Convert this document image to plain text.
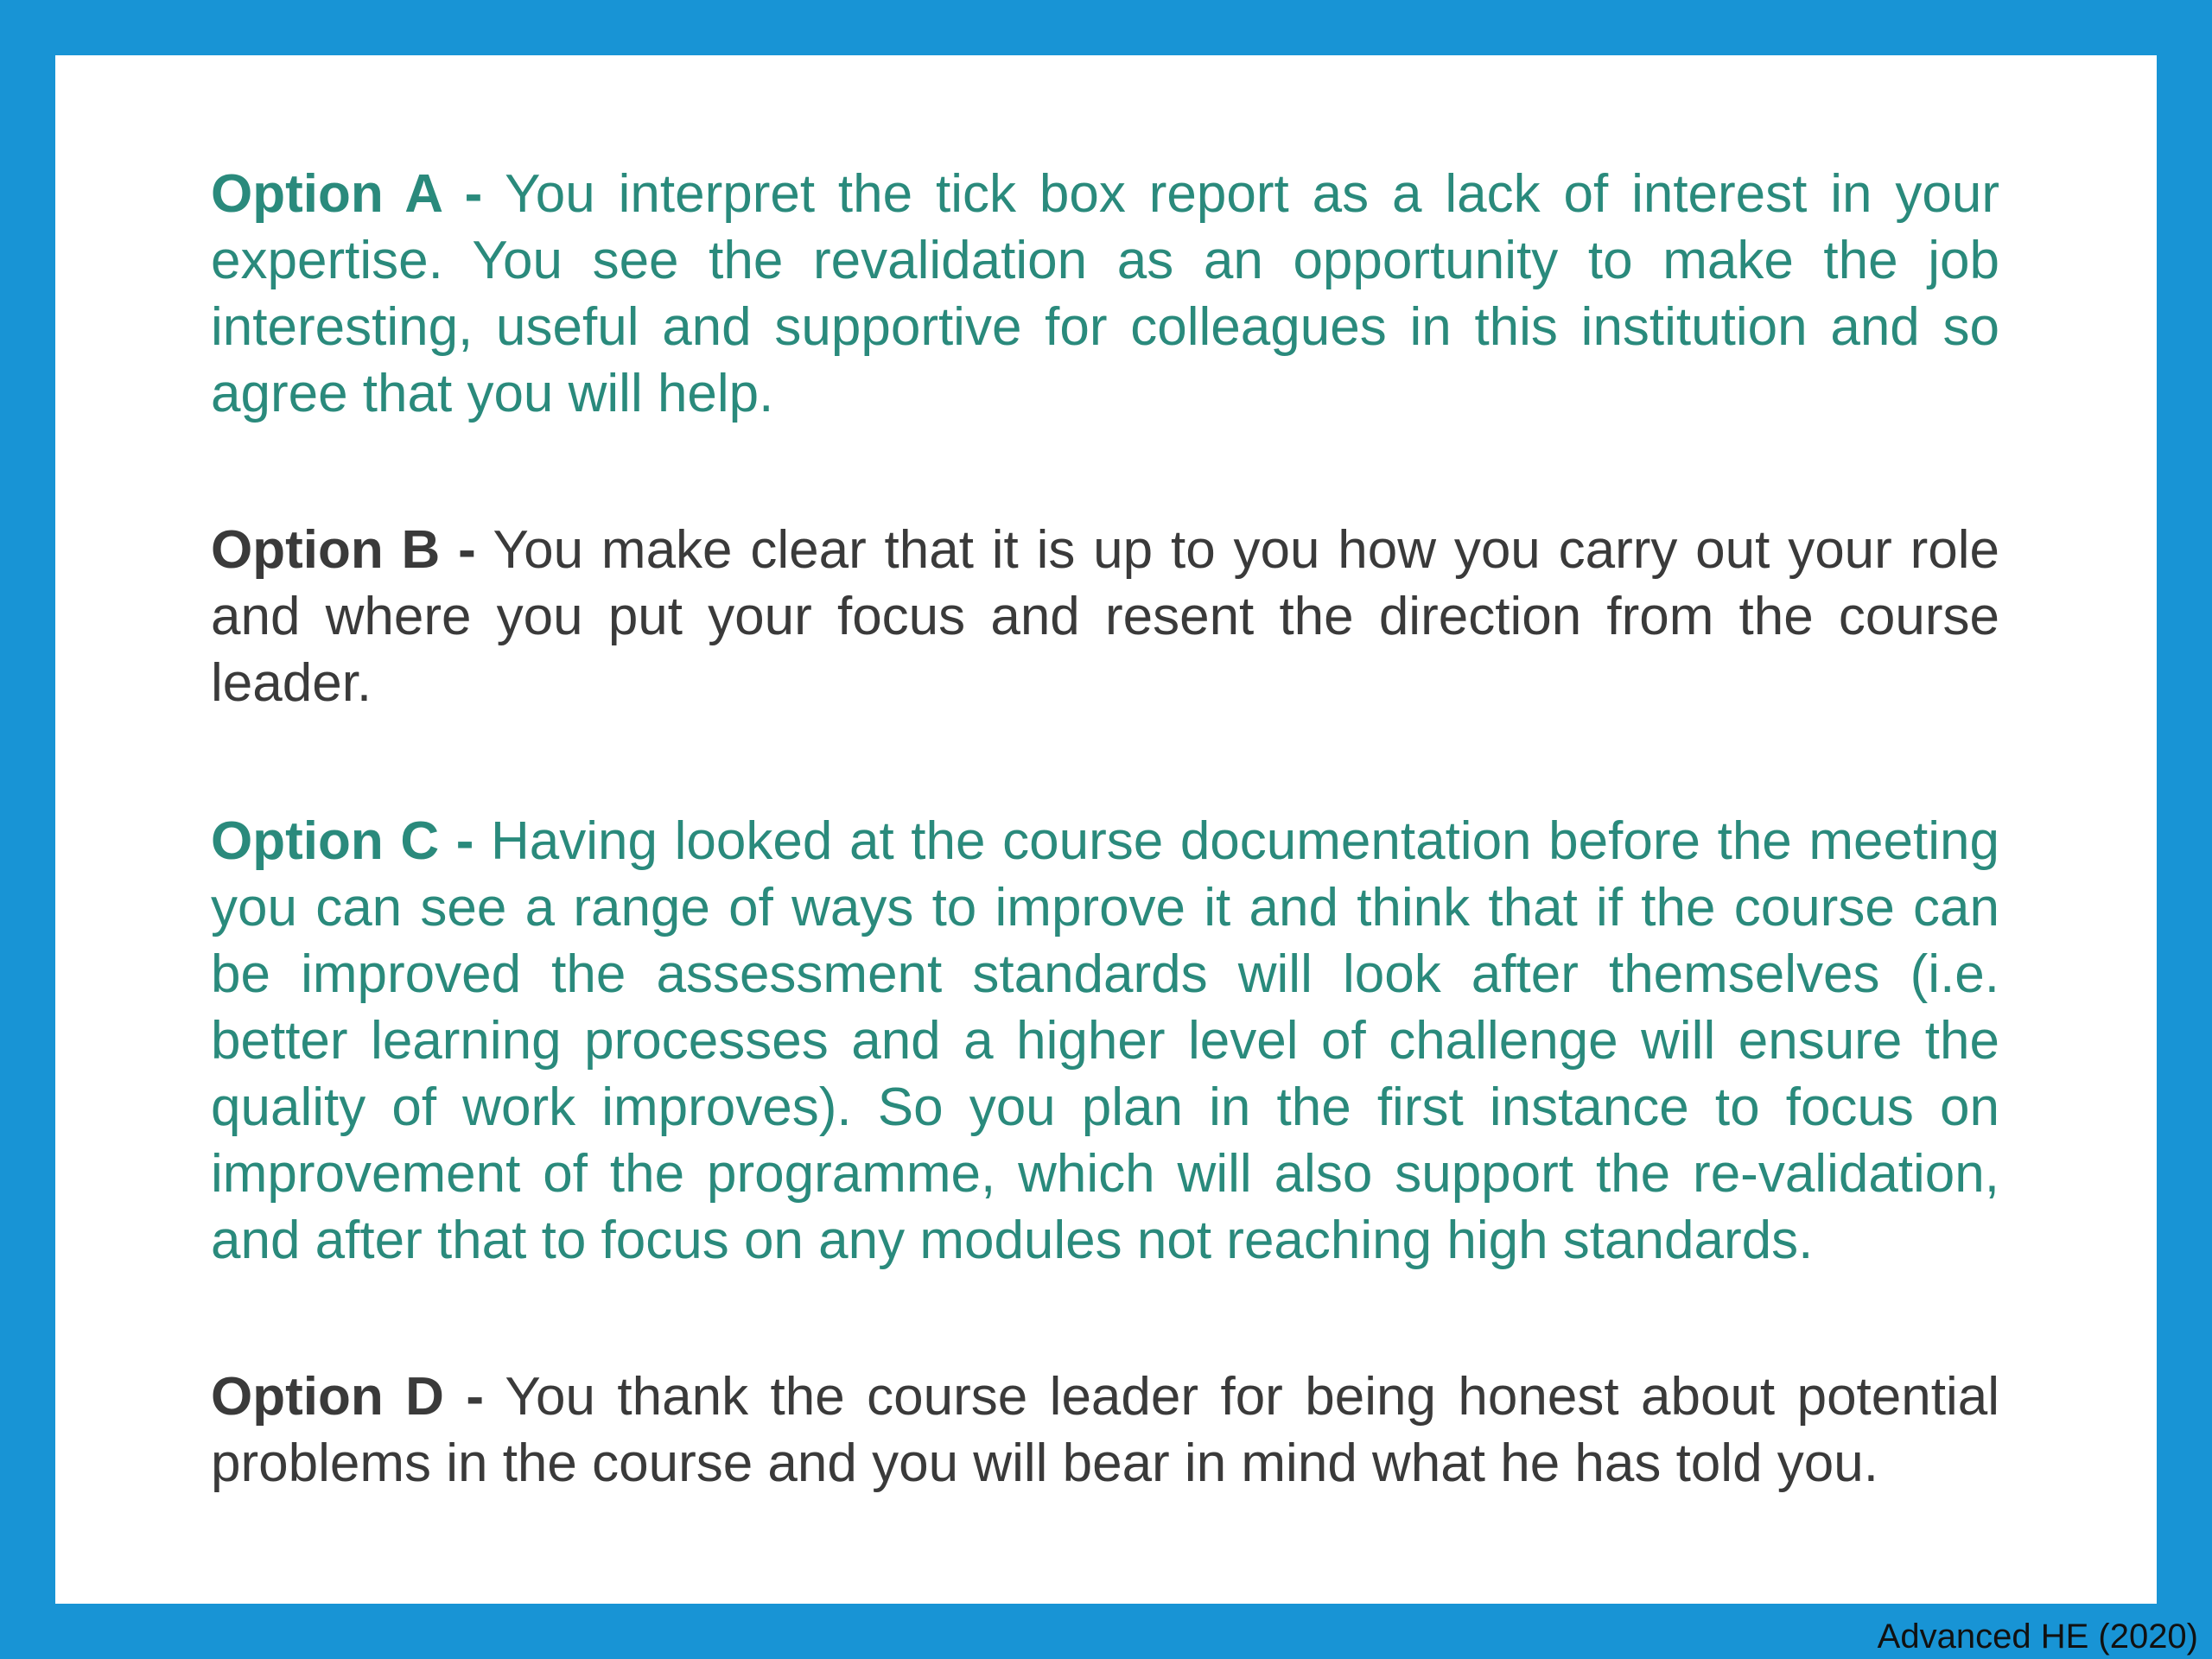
Option A - You interpret the tick box report as a lack of interest in your expertise. You see the revalidation as an opportunity to make the job interesting, useful and supportive for colleagues in this institution and so agree that you will help.

Option B - You make clear that it is up to you how you carry out your role and where you put your focus and resent the direction from the course leader.

Option C - Having looked at the course documentation before the meeting you can see a range of ways to improve it and think that if the course can be improved the assessment standards will look after themselves (i.e. better learning processes and a higher level of challenge will ensure the quality of work improves). So you plan in the first instance to focus on improvement of the programme, which will also support the re-validation, and after that to focus on any modules not reaching high standards.

Option D - You thank the course leader for being honest about potential problems in the course and you will bear in mind what he has told you.

Advanced HE (2020)
